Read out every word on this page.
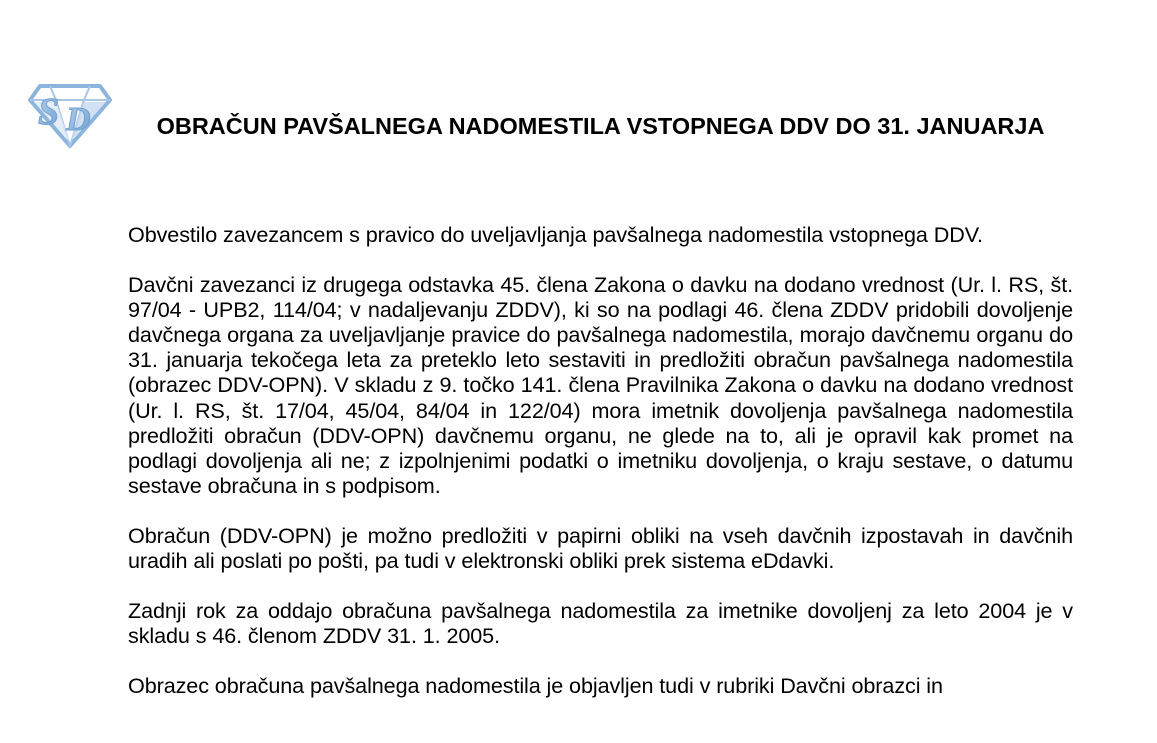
S D	OBRAČUN PAVŠALNEGA NADOMESTILA VSTOPNEGA DDV DO 31. JANUARJA

Obvestilo zavezancem s pravico do uveljavljanja pavšalnega nadomestila vstopnega DDV.

Davčni zavezanci iz drugega odstavka 45. člena Zakona o davku na dodano vrednost (Ur. l. RS, št. 97/04 - UPB2, 114/04; v nadaljevanju ZDDV), ki so na podlagi 46. člena ZDDV pridobili dovoljenje davčnega organa za uveljavljanje pravice do pavšalnega nadomestila, morajo davčnemu organu do 31. januarja tekočega leta za preteklo leto sestaviti in predložiti obračun pavšalnega nadomestila (obrazec DDV-OPN). V skladu z 9. točko 141. člena Pravilnika Zakona o davku na dodano vrednost (Ur. l. RS, št. 17/04, 45/04, 84/04 in 122/04) mora imetnik dovoljenja pavšalnega nadomestila predložiti obračun (DDV-OPN) davčnemu organu, ne glede na to, ali je opravil kak promet na podlagi dovoljenja ali ne; z izpolnjenimi podatki o imetniku dovoljenja, o kraju sestave, o datumu sestave obračuna in s podpisom.

Obračun (DDV-OPN) je možno predložiti v papirni obliki na vseh davčnih izpostavah in davčnih uradih ali poslati po pošti, pa tudi v elektronski obliki prek sistema eDdavki.

Zadnji rok za oddajo obračuna pavšalnega nadomestila za imetnike dovoljenj za leto 2004 je v skladu s 46. členom ZDDV 31. 1. 2005.

Obrazec obračuna pavšalnega nadomestila je objavljen tudi v rubriki Davčni obrazci in
